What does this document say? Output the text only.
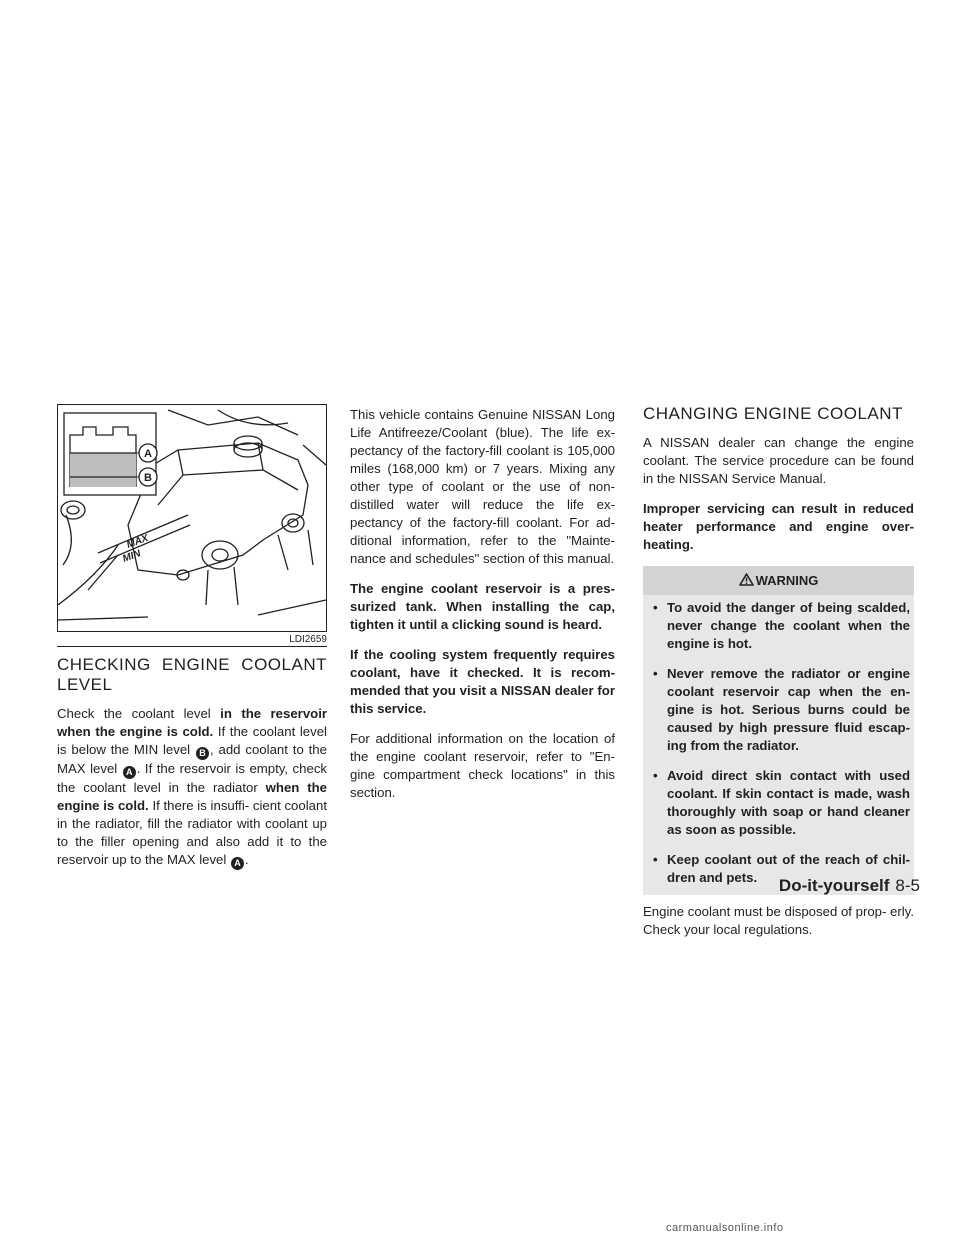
A
B
MAX
MIN
LDI2659
CHECKING ENGINE COOLANT LEVEL

Check the coolant level in the reservoir when the engine is cold. If the coolant level is below the MIN level B , add coolant to the MAX level A . If the reservoir is empty, check the coolant level in the radiator when the engine is cold. If there is insuffi- cient coolant in the radiator, fill the radiator with coolant up to the filler opening and also add it to the reservoir up to the MAX level A .

This vehicle contains Genuine NISSAN Long Life Antifreeze/Coolant (blue). The life ex- pectancy of the factory-fill coolant is 105,000 miles (168,000 km) or 7 years. Mixing any other type of coolant or the use of non-distilled water will reduce the life ex- pectancy of the factory-fill coolant. For ad- ditional information, refer to the "Mainte- nance and schedules" section of this manual.

The engine coolant reservoir is a pres- surized tank. When installing the cap, tighten it until a clicking sound is heard.

If the cooling system frequently requires coolant, have it checked. It is recom- mended that you visit a NISSAN dealer for this service.

For additional information on the location of the engine coolant reservoir, refer to "En- gine compartment check locations" in this section.

CHANGING ENGINE COOLANT

A NISSAN dealer can change the engine coolant. The service procedure can be found in the NISSAN Service Manual.

Improper servicing can result in reduced heater performance and engine over- heating.

WARNING
• To avoid the danger of being scalded, never change the coolant when the engine is hot.
• Never remove the radiator or engine coolant reservoir cap when the en- gine is hot. Serious burns could be caused by high pressure fluid escap- ing from the radiator.
• Avoid direct skin contact with used coolant. If skin contact is made, wash thoroughly with soap or hand cleaner as soon as possible.
• Keep coolant out of the reach of chil- dren and pets.

Engine coolant must be disposed of prop- erly. Check your local regulations.

Do-it-yourself 8-5
carmanualsonline.info
